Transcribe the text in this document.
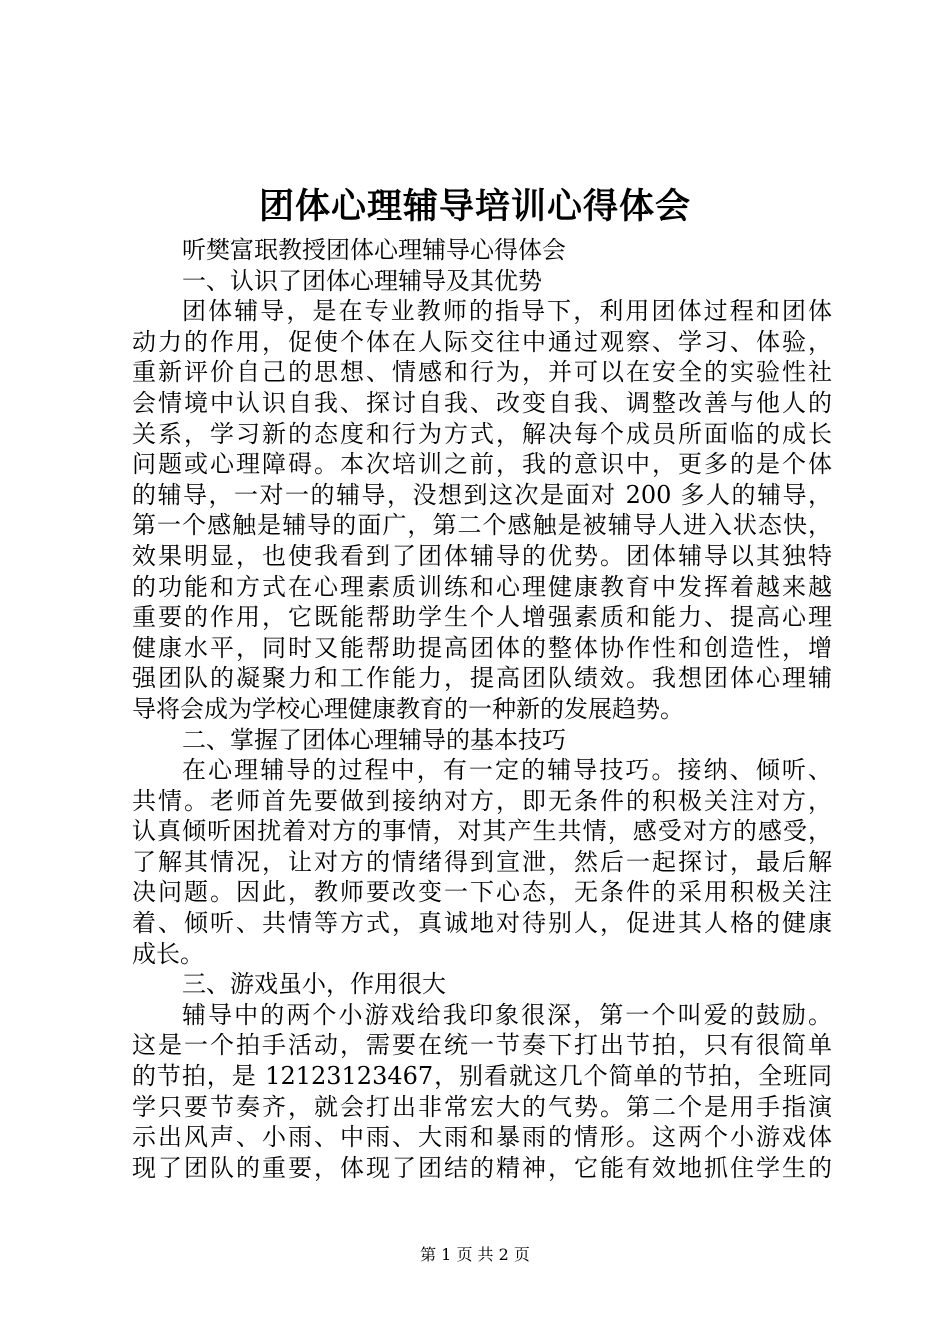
团体心理辅导培训心得体会
听樊富珉教授团体心理辅导心得体会
一、认识了团体心理辅导及其优势
团体辅导，是在专业教师的指导下，利用团体过程和团体
动力的作用，促使个体在人际交往中通过观察、学习、体验，
重新评价自己的思想、情感和行为，并可以在安全的实验性社
会情境中认识自我、探讨自我、改变自我、调整改善与他人的
关系，学习新的态度和行为方式，解决每个成员所面临的成长
问题或心理障碍。本次培训之前，我的意识中，更多的是个体
的辅导，一对一的辅导，没想到这次是面对 200 多人的辅导，
第一个感触是辅导的面广，第二个感触是被辅导人进入状态快，
效果明显，也使我看到了团体辅导的优势。团体辅导以其独特
的功能和方式在心理素质训练和心理健康教育中发挥着越来越
重要的作用，它既能帮助学生个人增强素质和能力、提高心理
健康水平，同时又能帮助提高团体的整体协作性和创造性，增
强团队的凝聚力和工作能力，提高团队绩效。我想团体心理辅
导将会成为学校心理健康教育的一种新的发展趋势。
二、掌握了团体心理辅导的基本技巧
在心理辅导的过程中，有一定的辅导技巧。接纳、倾听、
共情。老师首先要做到接纳对方，即无条件的积极关注对方，
认真倾听困扰着对方的事情，对其产生共情，感受对方的感受，
了解其情况，让对方的情绪得到宣泄，然后一起探讨，最后解
决问题。因此，教师要改变一下心态，无条件的采用积极关注
着、倾听、共情等方式，真诚地对待别人，促进其人格的健康
成长。
三、游戏虽小，作用很大
辅导中的两个小游戏给我印象很深，第一个叫爱的鼓励。
这是一个拍手活动，需要在统一节奏下打出节拍，只有很简单
的节拍，是 12123123467，别看就这几个简单的节拍，全班同
学只要节奏齐，就会打出非常宏大的气势。第二个是用手指演
示出风声、小雨、中雨、大雨和暴雨的情形。这两个小游戏体
现了团队的重要，体现了团结的精神，它能有效地抓住学生的
第 1 页 共 2 页
